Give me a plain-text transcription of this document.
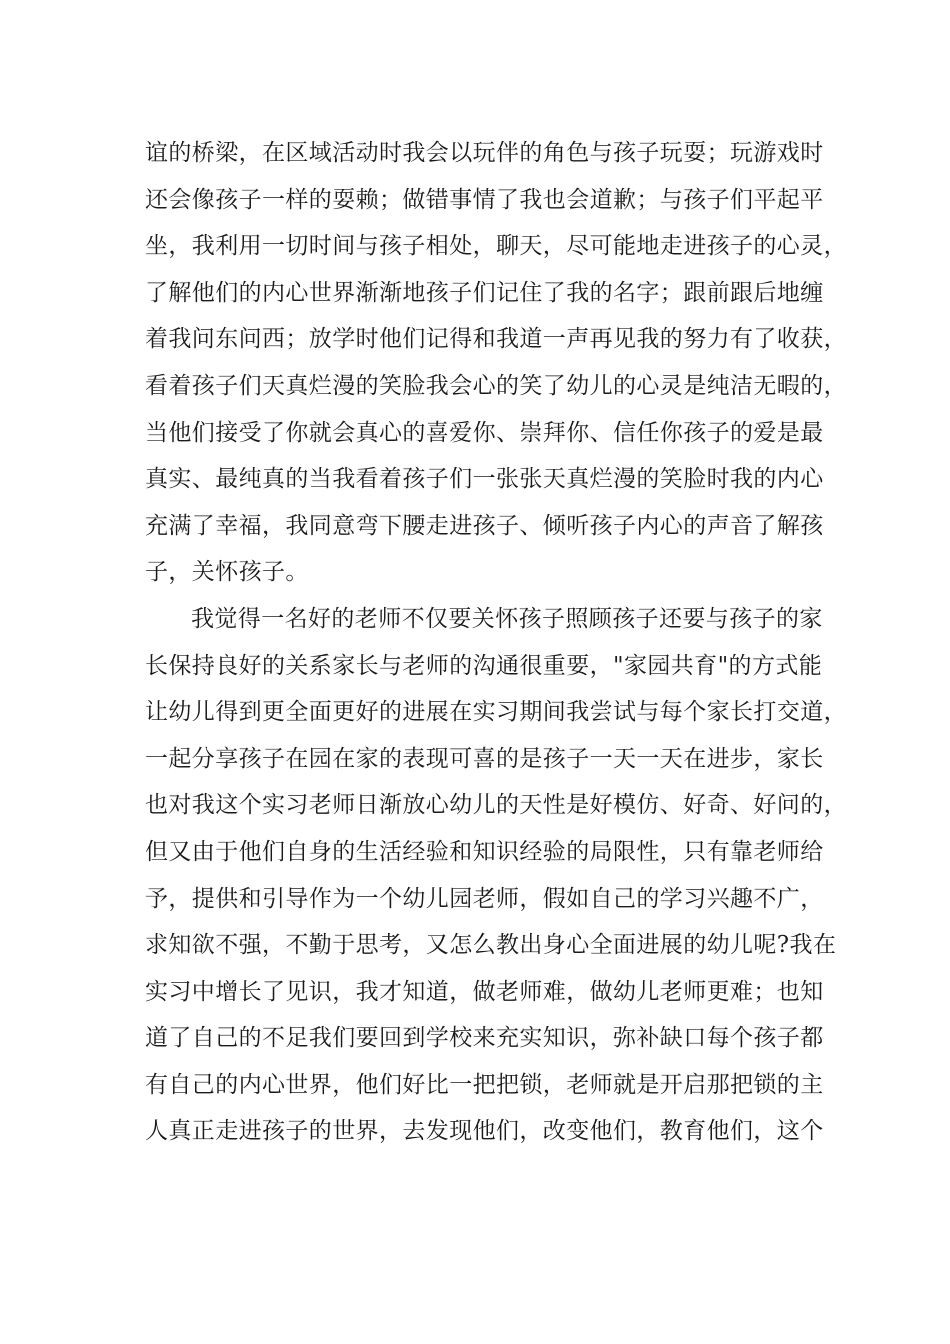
谊的桥梁，在区域活动时我会以玩伴的角色与孩子玩耍；玩游戏时
还会像孩子一样的耍赖；做错事情了我也会道歉；与孩子们平起平
坐，我利用一切时间与孩子相处，聊天，尽可能地走进孩子的心灵，
了解他们的内心世界渐渐地孩子们记住了我的名字；跟前跟后地缠
着我问东问西；放学时他们记得和我道一声再见我的努力有了收获，
看着孩子们天真烂漫的笑脸我会心的笑了幼儿的心灵是纯洁无暇的，
当他们接受了你就会真心的喜爱你、崇拜你、信任你孩子的爱是最
真实、最纯真的当我看着孩子们一张张天真烂漫的笑脸时我的内心
充满了幸福，我同意弯下腰走进孩子、倾听孩子内心的声音了解孩
子，关怀孩子。
我觉得一名好的老师不仅要关怀孩子照顾孩子还要与孩子的家
长保持良好的关系家长与老师的沟通很重要，"家园共育"的方式能
让幼儿得到更全面更好的进展在实习期间我尝试与每个家长打交道，
一起分享孩子在园在家的表现可喜的是孩子一天一天在进步，家长
也对我这个实习老师日渐放心幼儿的天性是好模仿、好奇、好问的，
但又由于他们自身的生活经验和知识经验的局限性，只有靠老师给
予，提供和引导作为一个幼儿园老师，假如自己的学习兴趣不广，
求知欲不强，不勤于思考，又怎么教出身心全面进展的幼儿呢?我在
实习中增长了见识，我才知道，做老师难，做幼儿老师更难；也知
道了自己的不足我们要回到学校来充实知识，弥补缺口每个孩子都
有自己的内心世界，他们好比一把把锁，老师就是开启那把锁的主
人真正走进孩子的世界，去发现他们，改变他们，教育他们，这个
